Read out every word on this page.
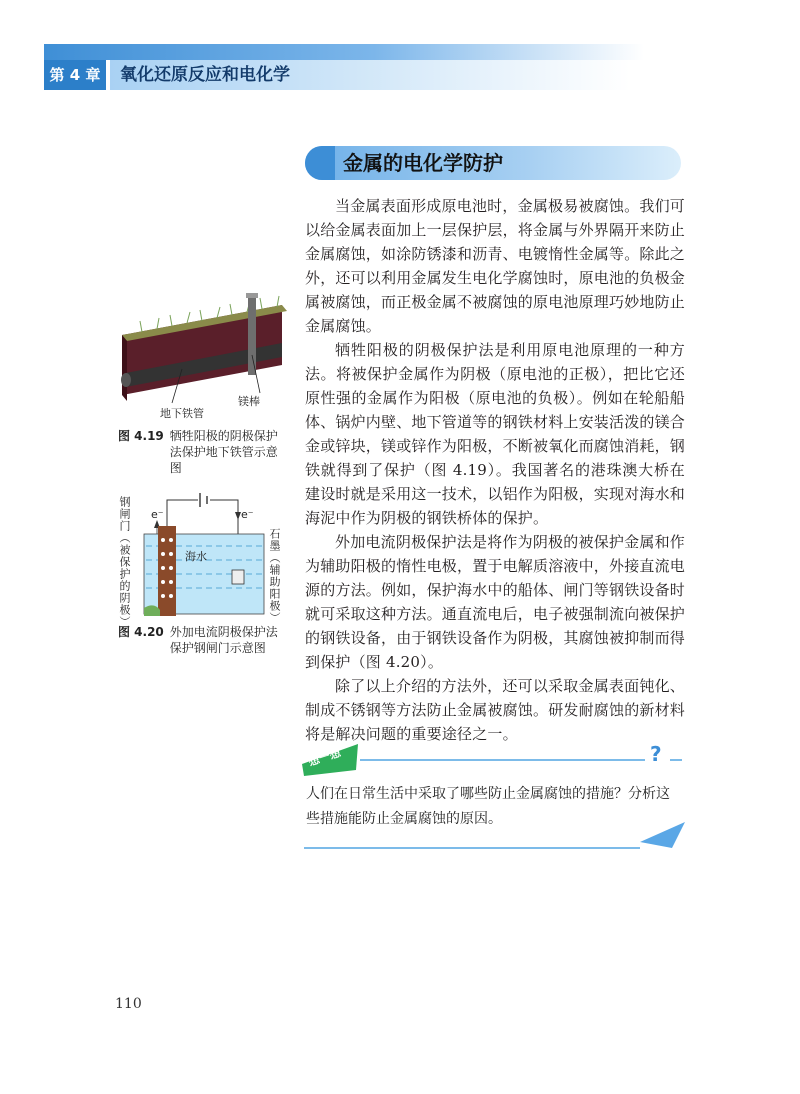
第 4 章	氧化还原反应和电化学
金属的电化学防护

当金属表面形成原电池时，金属极易被腐蚀。我们可以给金属表面加上一层保护层，将金属与外界隔开来防止金属腐蚀，如涂防锈漆和沥青、电镀惰性金属等。除此之外，还可以利用金属发生电化学腐蚀时，原电池的负极金属被腐蚀，而正极金属不被腐蚀的原电池原理巧妙地防止金属腐蚀。

牺牲阳极的阴极保护法是利用原电池原理的一种方法。将被保护金属作为阴极（原电池的正极），把比它还原性强的金属作为阳极（原电池的负极）。例如在轮船船体、锅炉内壁、地下管道等的钢铁材料上安装活泼的镁合金或锌块，镁或锌作为阳极，不断被氧化而腐蚀消耗，钢铁就得到了保护（图 4.19）。我国著名的港珠澳大桥在建设时就是采用这一技术，以铝作为阳极，实现对海水和海泥中作为阴极的钢铁桥体的保护。

外加电流阴极保护法是将作为阴极的被保护金属和作为辅助阳极的惰性电极，置于电解质溶液中，外接直流电源的方法。例如，保护海水中的船体、闸门等钢铁设备时就可采取这种方法。通直流电后，电子被强制流向被保护的钢铁设备，由于钢铁设备作为阴极，其腐蚀被抑制而得到保护（图 4.20）。

除了以上介绍的方法外，还可以采取金属表面钝化、制成不锈钢等方法防止金属被腐蚀。研发耐腐蚀的新材料将是解决问题的重要途径之一。

镁棒
地下铁管
图 4.19 牺牲阳极的阴极保护法保护地下铁管示意图
e⁻	e⁻
海水
钢闸门（被保护的阴极）	石墨（辅助阳极）
图 4.20 外加电流阴极保护法保护钢闸门示意图
想一想	?
人们在日常生活中采取了哪些防止金属腐蚀的措施？分析这些措施能防止金属腐蚀的原因。
110
